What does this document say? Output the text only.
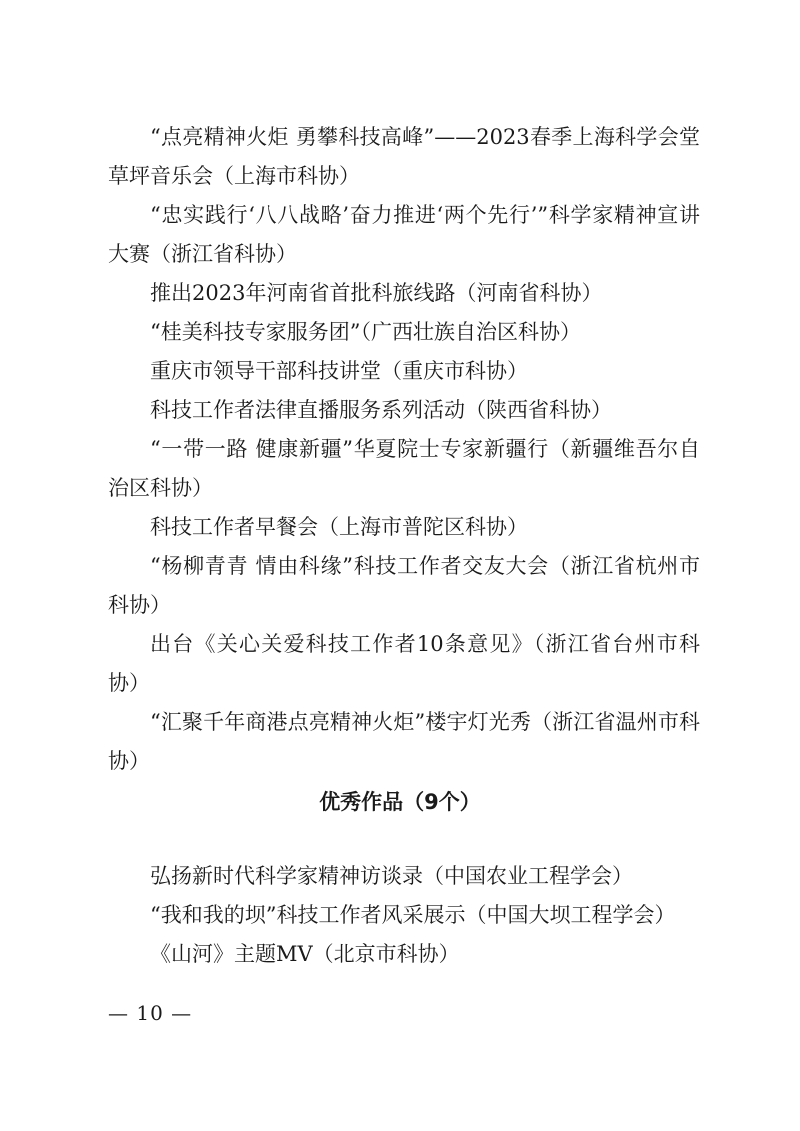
“点亮精神火炬 勇攀科技高峰”——2023春季上海科学会堂草坪音乐会（上海市科协）
“忠实践行‘八八战略’奋力推进‘两个先行’”科学家精神宣讲大赛（浙江省科协）
推出2023年河南省首批科旅线路（河南省科协）
“桂美科技专家服务团”（广西壮族自治区科协）
重庆市领导干部科技讲堂（重庆市科协）
科技工作者法律直播服务系列活动（陕西省科协）
“一带一路 健康新疆”华夏院士专家新疆行（新疆维吾尔自治区科协）
科技工作者早餐会（上海市普陀区科协）
“杨柳青青 情由科缘”科技工作者交友大会（浙江省杭州市科协）
出台《关心关爱科技工作者10条意见》（浙江省台州市科协）
“汇聚千年商港点亮精神火炬”楼宇灯光秀（浙江省温州市科协）
优秀作品（9个）
弘扬新时代科学家精神访谈录（中国农业工程学会）
“我和我的坝”科技工作者风采展示（中国大坝工程学会）
《山河》主题MV（北京市科协）
— 10 —
